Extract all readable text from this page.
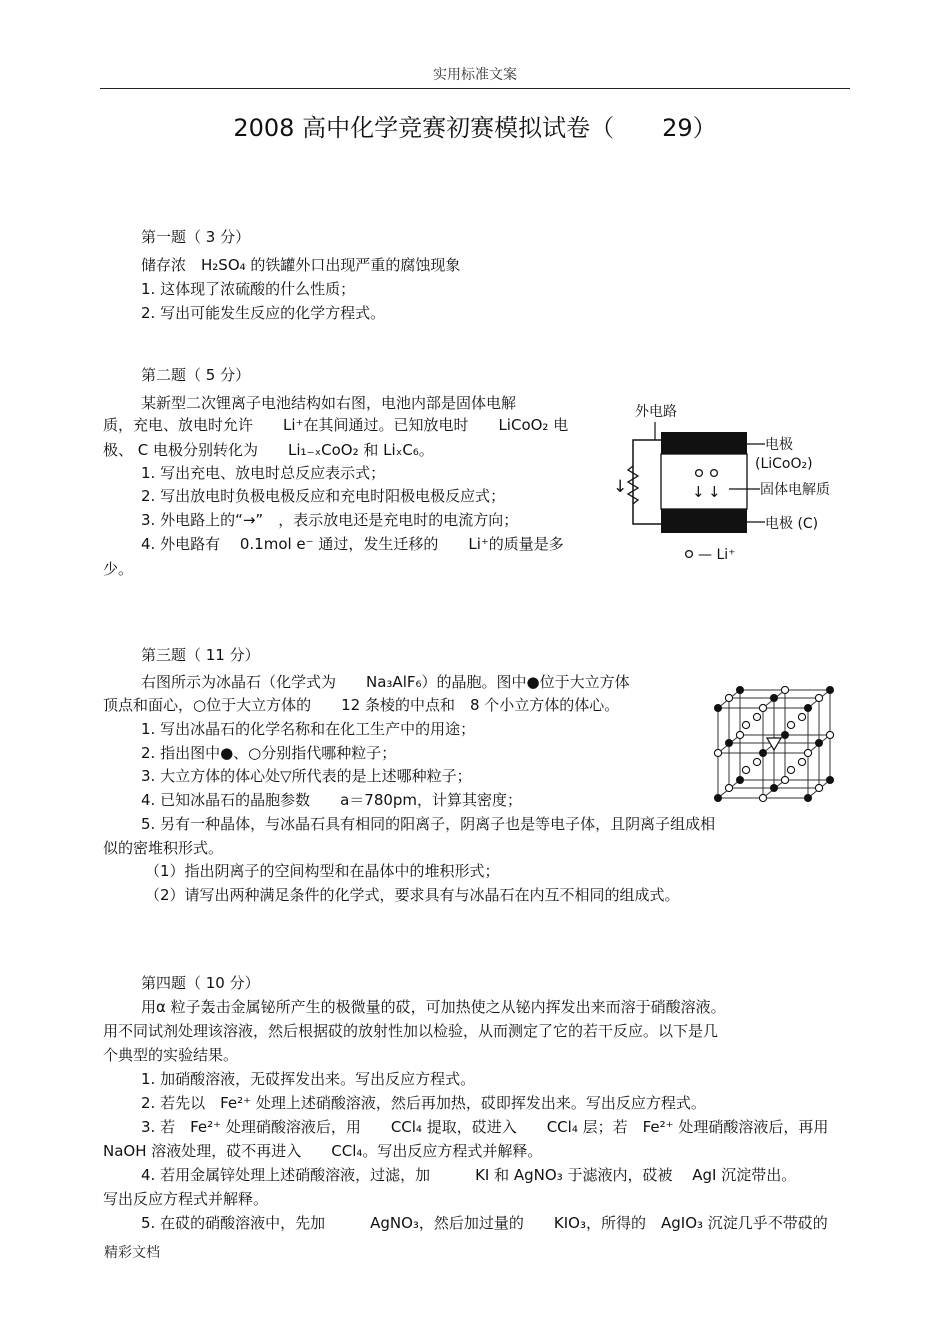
实用标准文案
2008 高中化学竞赛初赛模拟试卷（　　29）
第一题（ 3 分）
储存浓　H₂SO₄ 的铁罐外口出现严重的腐蚀现象
1. 这体现了浓硫酸的什么性质；
2. 写出可能发生反应的化学方程式。
第二题（ 5 分）
某新型二次锂离子电池结构如右图，电池内部是固体电解
质，充电、放电时允许　　Li⁺在其间通过。已知放电时　　LiCoO₂ 电
极、 C 电极分别转化为　　Li₁₋ₓCoO₂ 和 LiₓC₆。
1. 写出充电、放电时总反应表示式；
2. 写出放电时负极电极反应和充电时阳极电极反应式；
3. 外电路上的“→”　，表示放电还是充电时的电流方向；
4. 外电路有　 0.1mol e⁻ 通过，发生迁移的　　Li⁺的质量是多
少。
外电路
↓	↓ ↓
电极
(LiCoO₂)
固体电解质
电极 (C)
— Li⁺
第三题（ 11 分）
右图所示为冰晶石（化学式为　　Na₃AlF₆）的晶胞。图中●位于大立方体
顶点和面心，○位于大立方体的　　12 条棱的中点和　8 个小立方体的体心。
1. 写出冰晶石的化学名称和在化工生产中的用途；
2. 指出图中●、○分别指代哪种粒子；
3. 大立方体的体心处▽所代表的是上述哪种粒子；
4. 已知冰晶石的晶胞参数　　a＝780pm，计算其密度；
5. 另有一种晶体，与冰晶石具有相同的阳离子，阴离子也是等电子体，且阴离子组成相
似的密堆积形式。
（1）指出阴离子的空间构型和在晶体中的堆积形式；
（2）请写出两种满足条件的化学式，要求具有与冰晶石在内互不相同的组成式。
第四题（ 10 分）
用α 粒子轰击金属铋所产生的极微量的砹，可加热使之从铋内挥发出来而溶于硝酸溶液。
用不同试剂处理该溶液，然后根据砹的放射性加以检验，从而测定了它的若干反应。以下是几
个典型的实验结果。
1. 加硝酸溶液，无砹挥发出来。写出反应方程式。
2. 若先以　Fe²⁺ 处理上述硝酸溶液，然后再加热，砹即挥发出来。写出反应方程式。
3. 若　Fe²⁺ 处理硝酸溶液后，用　　CCl₄ 提取，砹进入　　CCl₄ 层；若　Fe²⁺ 处理硝酸溶液后，再用
NaOH 溶液处理，砹不再进入　　CCl₄。写出反应方程式并解释。
4. 若用金属锌处理上述硝酸溶液，过滤，加　　　KI 和 AgNO₃ 于滤液内，砹被　 AgI 沉淀带出。
写出反应方程式并解释。
5. 在砹的硝酸溶液中，先加　　　AgNO₃，然后加过量的　　KIO₃，所得的　AgIO₃ 沉淀几乎不带砹的
精彩文档
